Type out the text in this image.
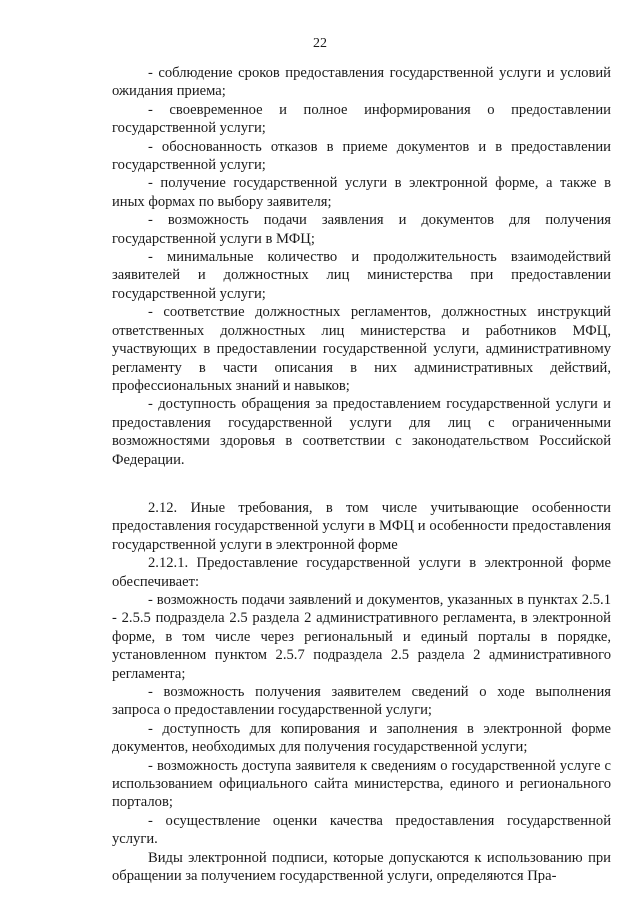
22

- соблюдение сроков предоставления государственной услуги и условий ожидания приема;

- своевременное и полное информирования о предоставлении государственной услуги;

- обоснованность отказов в приеме документов и в предоставлении государственной услуги;

- получение государственной услуги в электронной форме, а также в иных формах по выбору заявителя;

- возможность подачи заявления и документов для получения государственной услуги в МФЦ;

- минимальные количество и продолжительность взаимодействий заявителей и должностных лиц министерства при предоставлении государственной услуги;

- соответствие должностных регламентов, должностных инструкций ответственных должностных лиц министерства и работников МФЦ, участвующих в предоставлении государственной услуги, административному регламенту в части описания в них административных действий, профессиональных знаний и навыков;

- доступность обращения за предоставлением государственной услуги и предоставления государственной услуги для лиц с ограниченными возможностями здоровья в соответствии с законодательством Российской Федерации.

2.12. Иные требования, в том числе учитывающие особенности предоставления государственной услуги в МФЦ и особенности предоставления государственной услуги в электронной форме

2.12.1. Предоставление государственной услуги в электронной форме обеспечивает:

- возможность подачи заявлений и документов, указанных в пунктах 2.5.1 - 2.5.5 подраздела 2.5 раздела 2 административного регламента, в электронной форме, в том числе через региональный и единый порталы в порядке, установленном пунктом 2.5.7 подраздела 2.5 раздела 2 административного регламента;

- возможность получения заявителем сведений о ходе выполнения запроса о предоставлении государственной услуги;

- доступность для копирования и заполнения в электронной форме документов, необходимых для получения государственной услуги;

- возможность доступа заявителя к сведениям о государственной услуге с использованием официального сайта министерства, единого и регионального порталов;

- осуществление оценки качества предоставления государственной услуги.

Виды электронной подписи, которые допускаются к использованию при обращении за получением государственной услуги, определяются Пра-
